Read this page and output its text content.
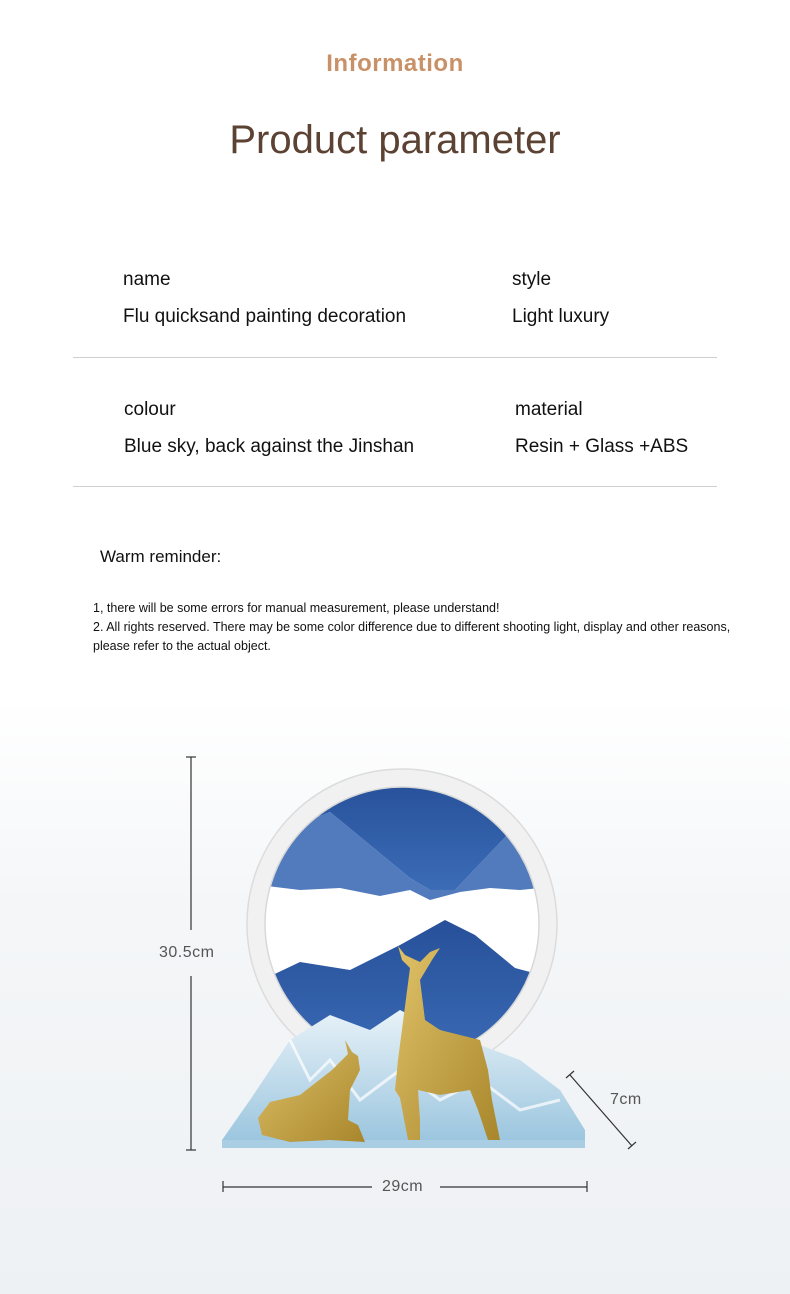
Information
Product parameter
name
Flu quicksand painting decoration
style
Light luxury
colour
Blue sky, back against the Jinshan
material
Resin + Glass +ABS
Warm reminder:
1, there will be some errors for manual measurement, please understand!
2. All rights reserved. There may be some color difference due to different shooting light, display and other reasons, please refer to the actual object.
30.5cm
29cm
7cm
